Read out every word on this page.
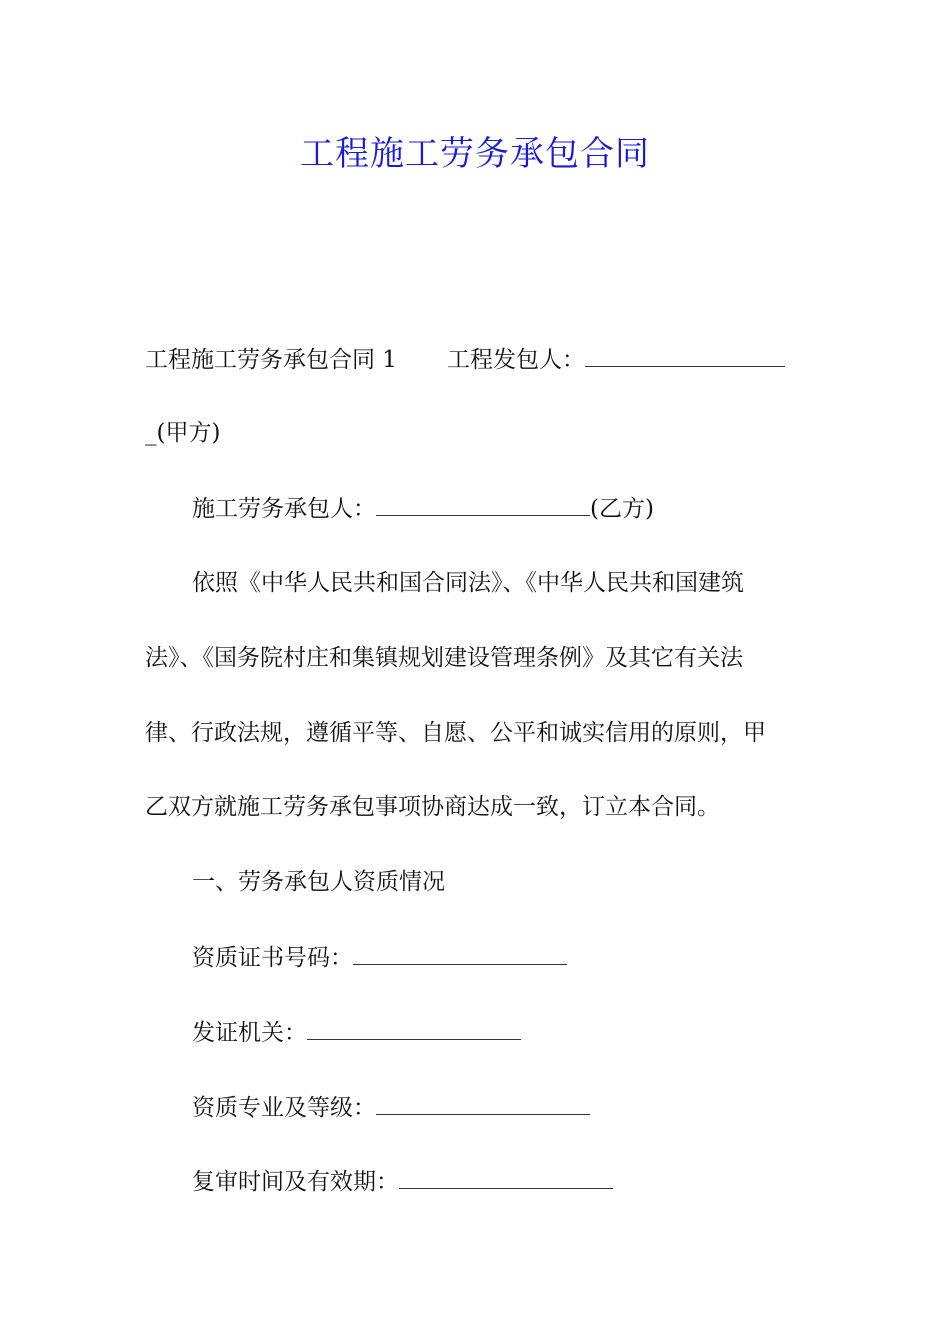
工程施工劳务承包合同
工程施工劳务承包合同 1 工程发包人：
_(甲方)
施工劳务承包人：	(乙方)
依照《中华人民共和国合同法》、《中华人民共和国建筑
法》、《国务院村庄和集镇规划建设管理条例》及其它有关法
律、行政法规，遵循平等、自愿、公平和诚实信用的原则，甲
乙双方就施工劳务承包事项协商达成一致，订立本合同。
一、劳务承包人资质情况
资质证书号码：
发证机关：
资质专业及等级：
复审时间及有效期：
